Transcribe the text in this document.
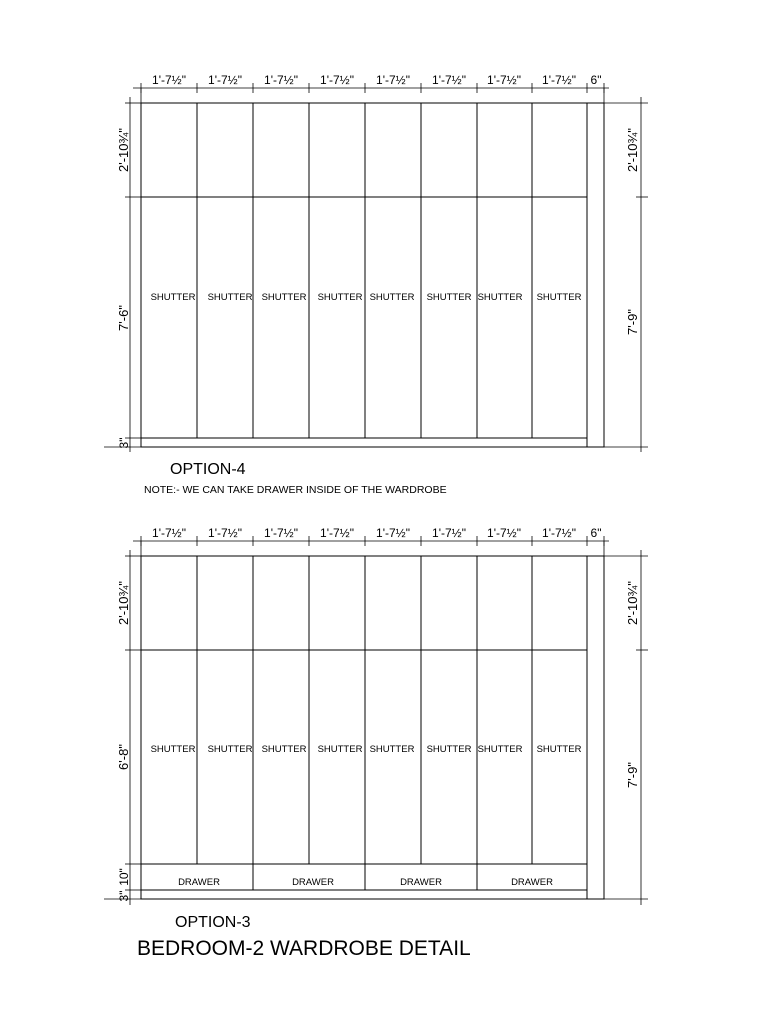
1'-7½" 1'-7½" 1'-7½" 1'-7½" 1'-7½" 1'-7½" 1'-7½" 1'-7½" 6"
2'-10¾"
7'-6"
3"
2'-10¾"
7'-9"
SHUTTER SHUTTER SHUTTER SHUTTER SHUTTER SHUTTER SHUTTER SHUTTER
OPTION-4
NOTE:- WE CAN TAKE DRAWER INSIDE OF THE WARDROBE
1'-7½" 1'-7½" 1'-7½" 1'-7½" 1'-7½" 1'-7½" 1'-7½" 1'-7½" 6"
2'-10¾"
6'-8"
10"
3"
2'-10¾"
7'-9"
SHUTTER SHUTTER SHUTTER SHUTTER SHUTTER SHUTTER SHUTTER SHUTTER
DRAWER	DRAWER	DRAWER	DRAWER
OPTION-3
BEDROOM-2 WARDROBE DETAIL
